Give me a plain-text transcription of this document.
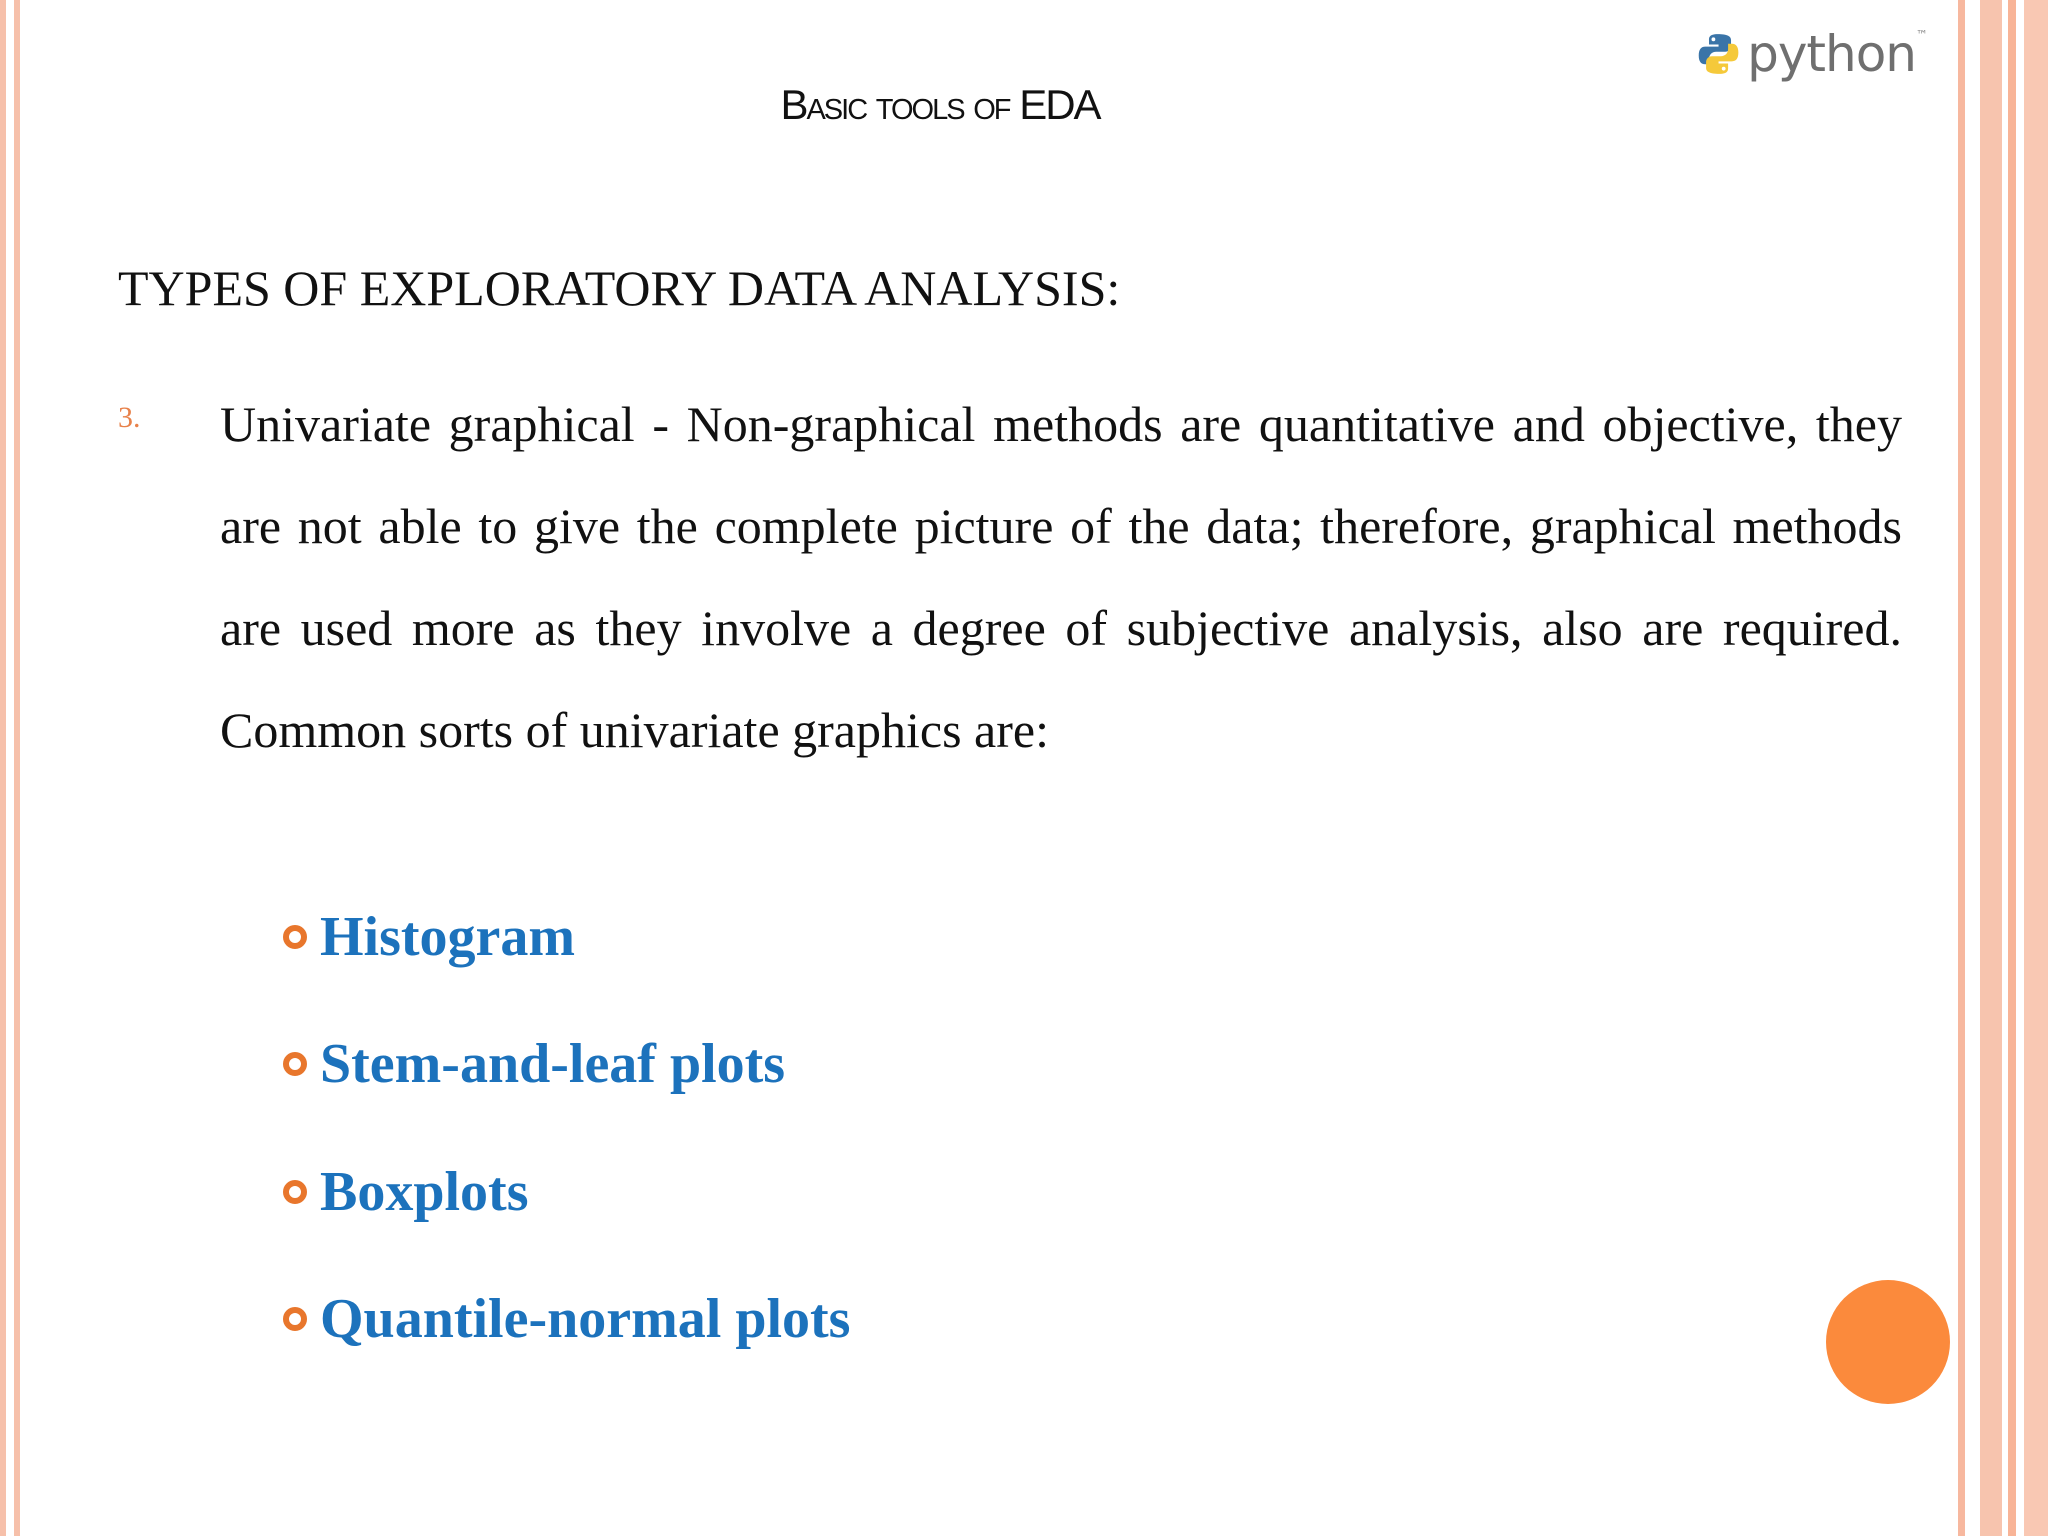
python ™
Basic tools of EDA
TYPES OF EXPLORATORY DATA ANALYSIS:
3. Univariate graphical - Non-graphical methods are quantitative and objective, they are not able to give the complete picture of the data; therefore, graphical methods are used more as they involve a degree of subjective analysis, also are required. Common sorts of univariate graphics are:

Histogram
Stem-and-leaf plots
Boxplots
Quantile-normal plots
